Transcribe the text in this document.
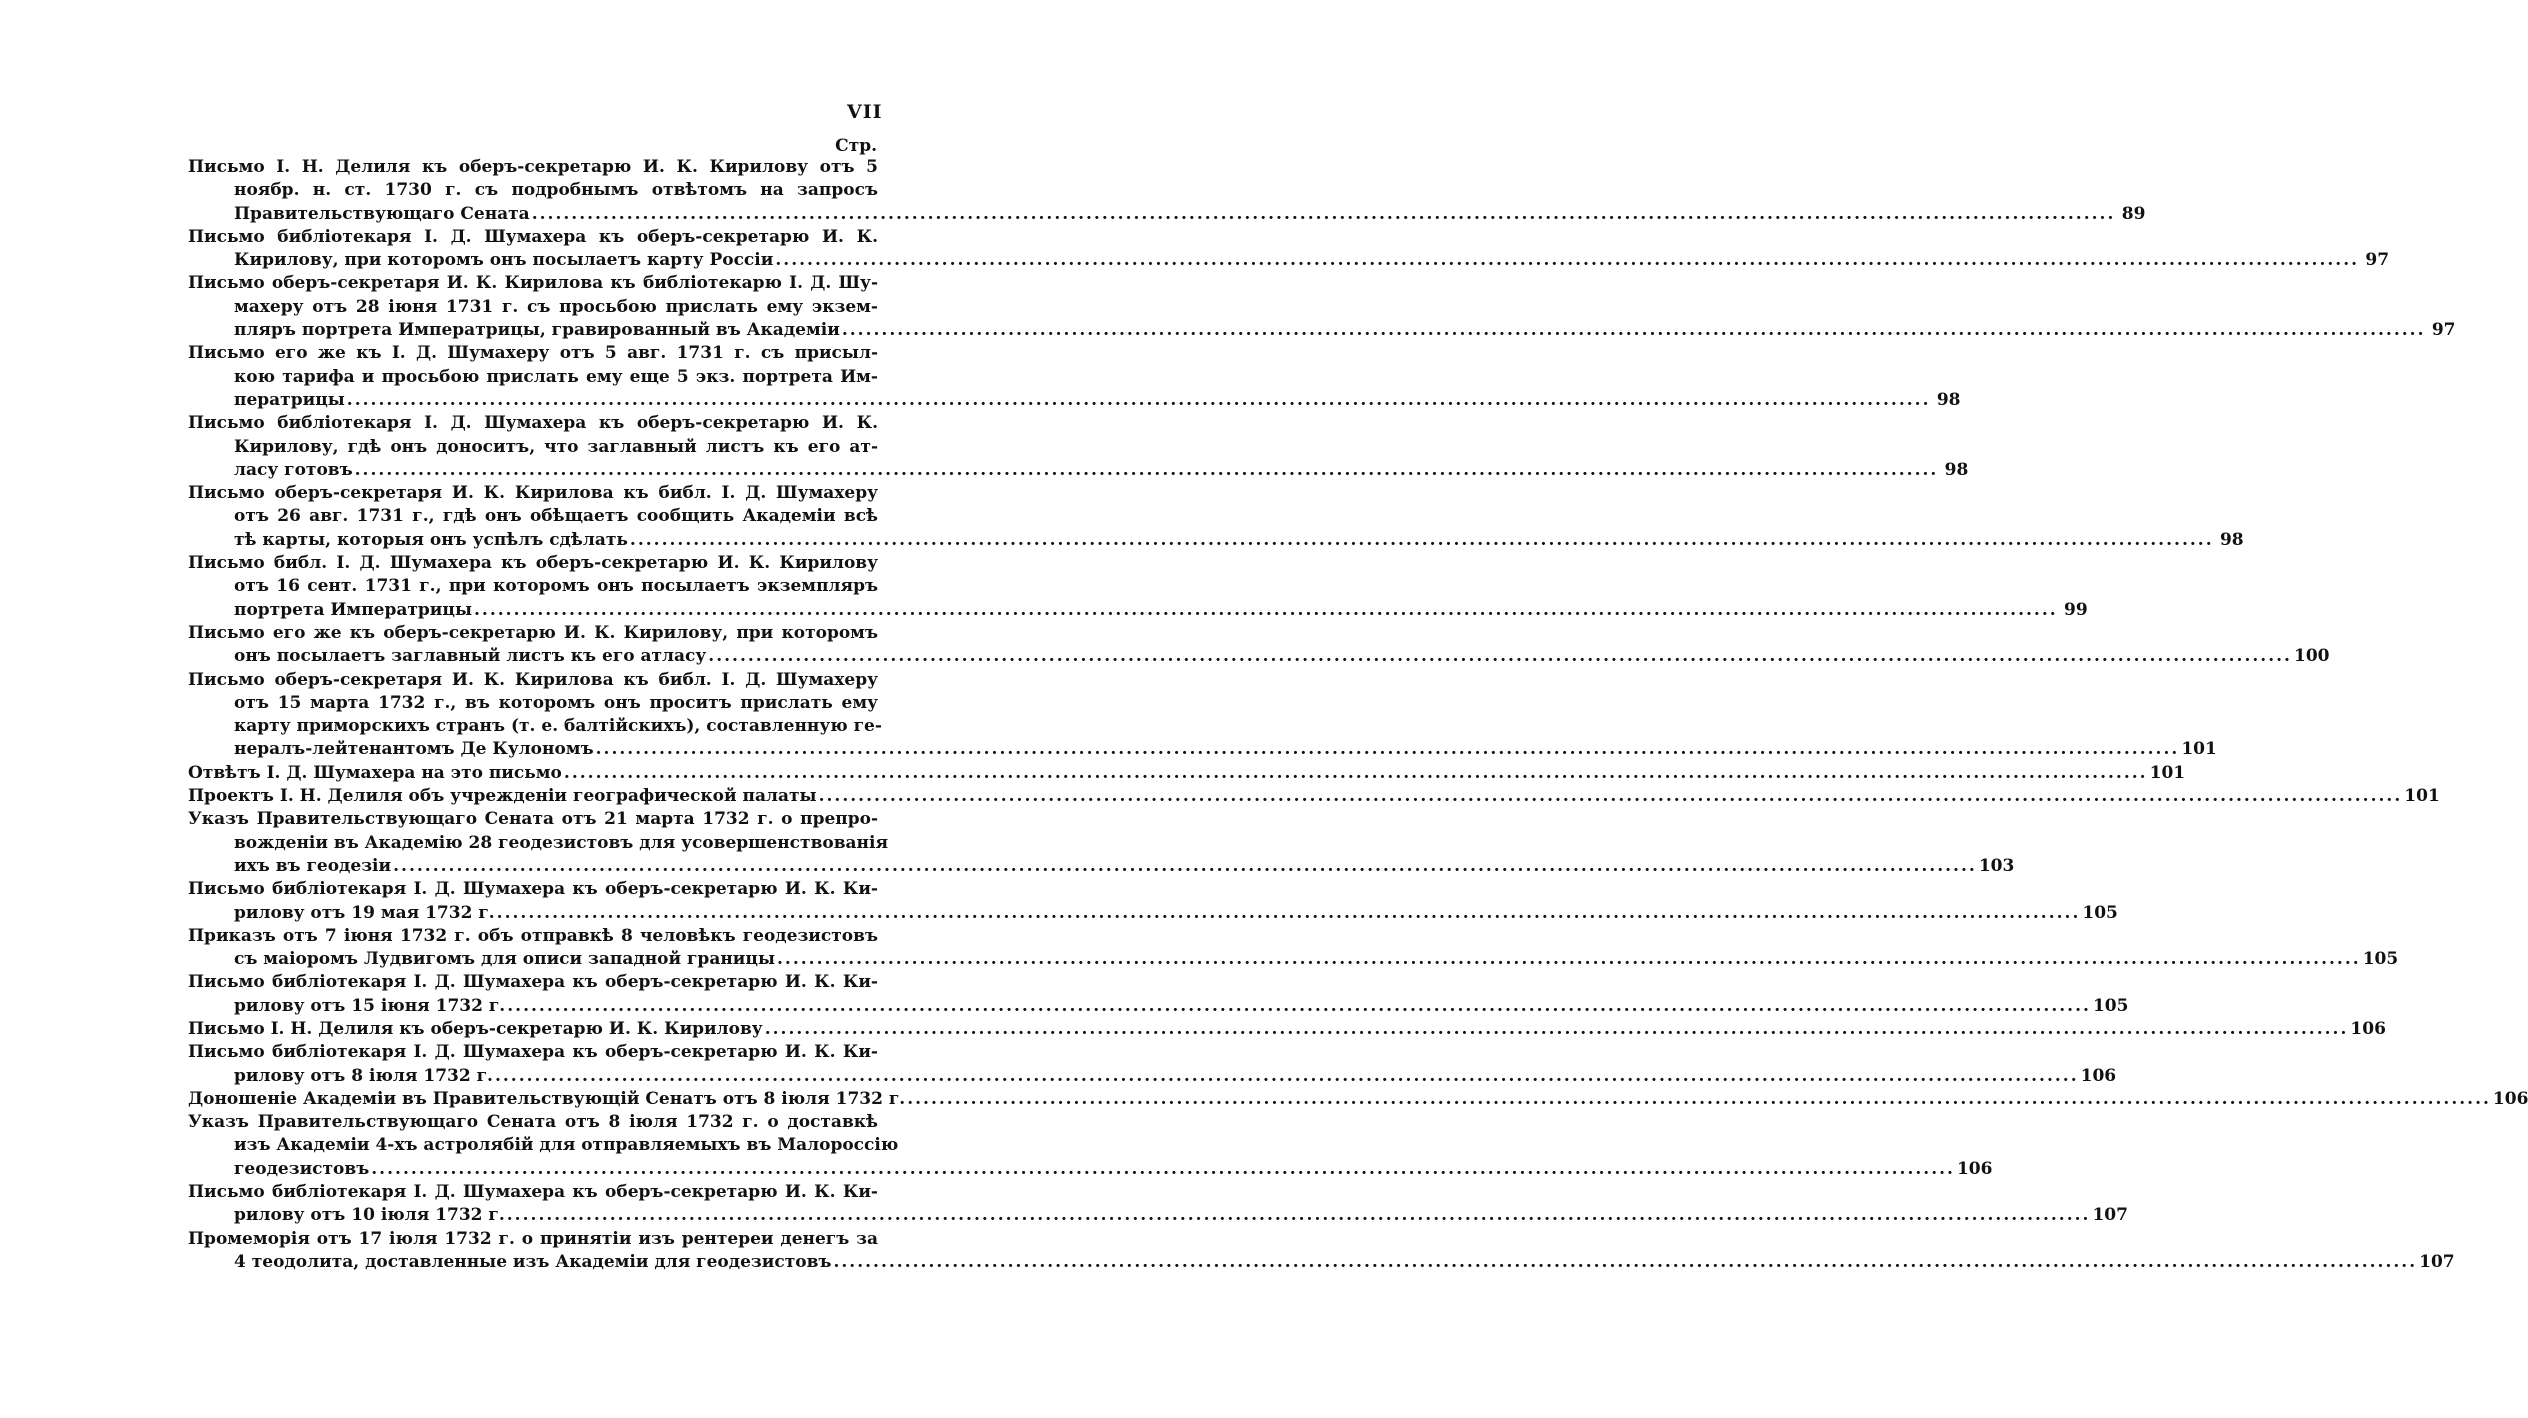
VII
Стр.
Письмо І. Н. Делиля къ оберъ-секретарю И. К. Кирилову отъ 5
ноябр. н. ст. 1730 г. съ подробнымъ отвѣтомъ на запросъ
Правительствующаго Сената .....	89
Письмо библіотекаря І. Д. Шумахера къ оберъ-секретарю И. К.
Кирилову, при которомъ онъ посылаетъ карту Россіи .....	97
Письмо оберъ-секретаря И. К. Кирилова къ библіотекарю І. Д. Шу-
махеру отъ 28 іюня 1731 г. съ просьбою прислать ему экзем-
пляръ портрета Императрицы, гравированный въ Академіи .....	97
Письмо его же къ І. Д. Шумахеру отъ 5 авг. 1731 г. съ присыл-
кою тарифа и просьбою прислать ему еще 5 экз. портрета Им-
ператрицы .....	98
Письмо библіотекаря І. Д. Шумахера къ оберъ-секретарю И. К.
Кирилову, гдѣ онъ доноситъ, что заглавный листъ къ его ат-
ласу готовъ .....	98
Письмо оберъ-секретаря И. К. Кирилова къ библ. І. Д. Шумахеру
отъ 26 авг. 1731 г., гдѣ онъ обѣщаетъ сообщить Академіи всѣ
тѣ карты, которыя онъ успѣлъ сдѣлать .....	98
Письмо библ. І. Д. Шумахера къ оберъ-секретарю И. К. Кирилову
отъ 16 сент. 1731 г., при которомъ онъ посылаетъ экземпляръ
портрета Императрицы .....	99
Письмо его же къ оберъ-секретарю И. К. Кирилову, при которомъ
онъ посылаетъ заглавный листъ къ его атласу .....	100
Письмо оберъ-секретаря И. К. Кирилова къ библ. І. Д. Шумахеру
отъ 15 марта 1732 г., въ которомъ онъ проситъ прислать ему
карту приморскихъ странъ (т. е. балтійскихъ), составленную ге-
нералъ-лейтенантомъ Де Кулономъ .....	101
Отвѣтъ І. Д. Шумахера на это письмо .....	101
Проектъ І. Н. Делиля объ учрежденіи географической палаты .....	101
Указъ Правительствующаго Сената отъ 21 марта 1732 г. о препро-
вожденіи въ Академію 28 геодезистовъ для усовершенствованія
ихъ въ геодезіи .....	103
Письмо библіотекаря І. Д. Шумахера къ оберъ-секретарю И. К. Ки-
рилову отъ 19 мая 1732 г. .....	105
Приказъ отъ 7 іюня 1732 г. объ отправкѣ 8 человѣкъ геодезистовъ
съ маіоромъ Лудвигомъ для описи западной границы .....	105
Письмо библіотекаря І. Д. Шумахера къ оберъ-секретарю И. К. Ки-
рилову отъ 15 іюня 1732 г. .....	105
Письмо І. Н. Делиля къ оберъ-секретарю И. К. Кирилову .....	106
Письмо библіотекаря І. Д. Шумахера къ оберъ-секретарю И. К. Ки-
рилову отъ 8 іюля 1732 г. .....	106
Доношеніе Академіи въ Правительствующій Сенатъ отъ 8 іюля 1732 г. .....	106
Указъ Правительствующаго Сената отъ 8 іюля 1732 г. о доставкѣ
изъ Академіи 4-хъ астролябій для отправляемыхъ въ Малороссію
геодезистовъ .....	106
Письмо библіотекаря І. Д. Шумахера къ оберъ-секретарю И. К. Ки-
рилову отъ 10 іюля 1732 г. .....	107
Промеморія отъ 17 іюля 1732 г. о принятіи изъ рентереи денегъ за
4 теодолита, доставленные изъ Академіи для геодезистовъ .....	107
